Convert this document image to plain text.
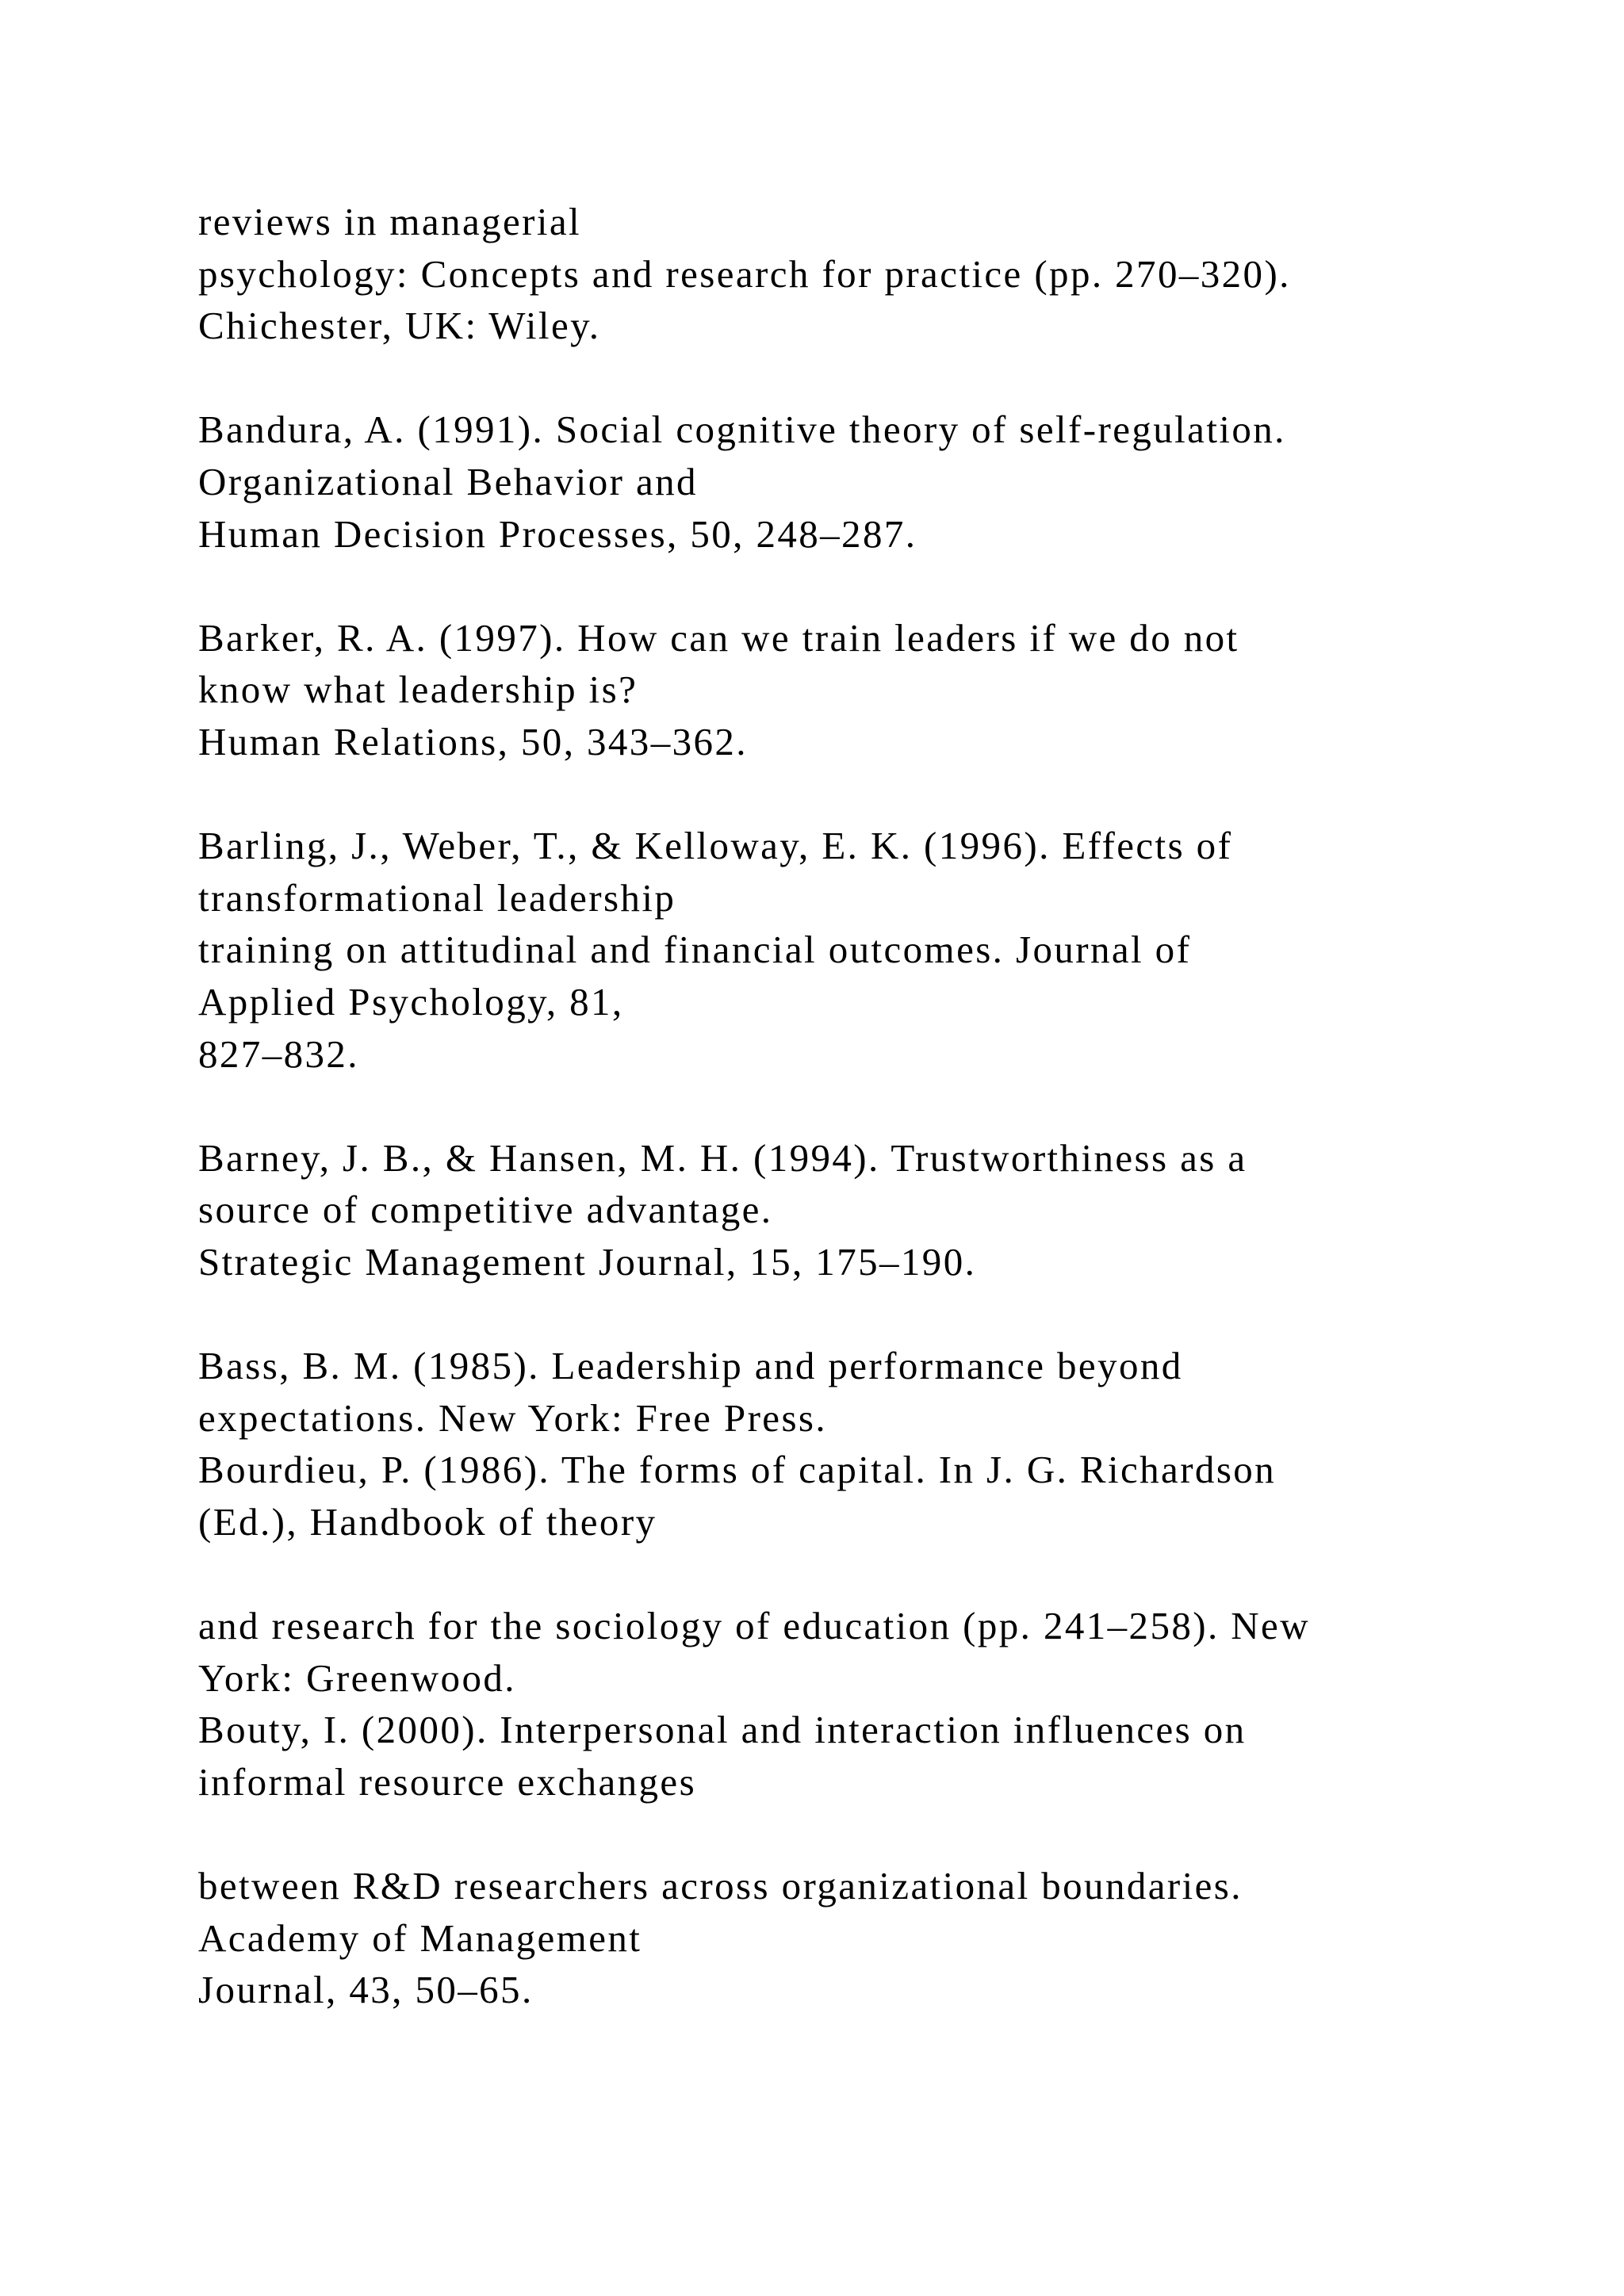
reviews in managerial
psychology: Concepts and research for practice (pp. 270–320).
Chichester, UK: Wiley.
Bandura, A. (1991). Social cognitive theory of self-regulation.
Organizational Behavior and
Human Decision Processes, 50, 248–287.
Barker, R. A. (1997). How can we train leaders if we do not
know what leadership is?
Human Relations, 50, 343–362.
Barling, J., Weber, T., & Kelloway, E. K. (1996). Effects of
transformational leadership
training on attitudinal and financial outcomes. Journal of
Applied Psychology, 81,
827–832.
Barney, J. B., & Hansen, M. H. (1994). Trustworthiness as a
source of competitive advantage.
Strategic Management Journal, 15, 175–190.
Bass, B. M. (1985). Leadership and performance beyond
expectations. New York: Free Press.
Bourdieu, P. (1986). The forms of capital. In J. G. Richardson
(Ed.), Handbook of theory
and research for the sociology of education (pp. 241–258). New
York: Greenwood.
Bouty, I. (2000). Interpersonal and interaction influences on
informal resource exchanges
between R&D researchers across organizational boundaries.
Academy of Management
Journal, 43, 50–65.
